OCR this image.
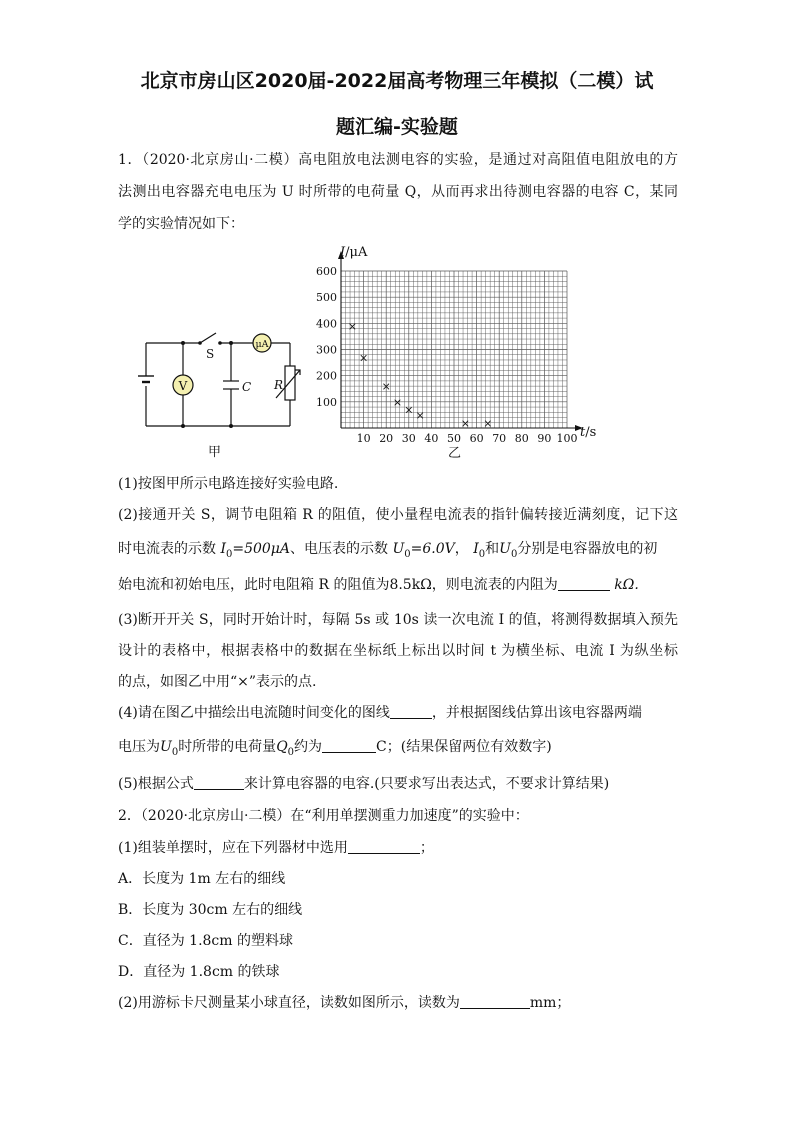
北京市房山区2020届-2022届高考物理三年模拟（二模）试
题汇编-实验题
1．（2020·北京房山·二模）高电阻放电法测电容的实验，是通过对高阻值电阻放电的方
法测出电容器充电电压为 U 时所带的电荷量 Q，从而再求出待测电容器的电容 C，某同
学的实验情况如下：
V
μA
S
C R
甲
10 20 30 40 50 60 70 80 90 100
100
200
300
400
500
600
×
×
×
×
× ×
× ×
I/μA
t/s
乙
(1)按图甲所示电路连接好实验电路.
(2)接通开关 S，调节电阻箱 R 的阻值，使小量程电流表的指针偏转接近满刻度，记下这
时电流表的示数 $I_0=500\mu A$、电压表的示数 $U_0=6.0V$， $I_0$和$U_0$分别是电容器放电的初
始电流和初始电压，此时电阻箱 R 的阻值为8.5kΩ，则电流表的内阻为	kΩ.
(3)断开开关 S，同时开始计时，每隔 5s 或 10s 读一次电流 I 的值，将测得数据填入预先
设计的表格中，根据表格中的数据在坐标纸上标出以时间 t 为横坐标、电流 I 为纵坐标
的点，如图乙中用“×”表示的点.
(4)请在图乙中描绘出电流随时间变化的图线	，并根据图线估算出该电容器两端
电压为$U_0$时所带的电荷量$Q_0$约为	C；(结果保留两位有效数字)
(5)根据公式	来计算电容器的电容.(只要求写出表达式，不要求计算结果)
2．（2020·北京房山·二模）在“利用单摆测重力加速度”的实验中：
(1)组装单摆时，应在下列器材中选用	；
A．长度为 1m 左右的细线
B．长度为 30cm 左右的细线
C．直径为 1.8cm 的塑料球
D．直径为 1.8cm 的铁球
(2)用游标卡尺测量某小球直径，读数如图所示，读数为	mm；
